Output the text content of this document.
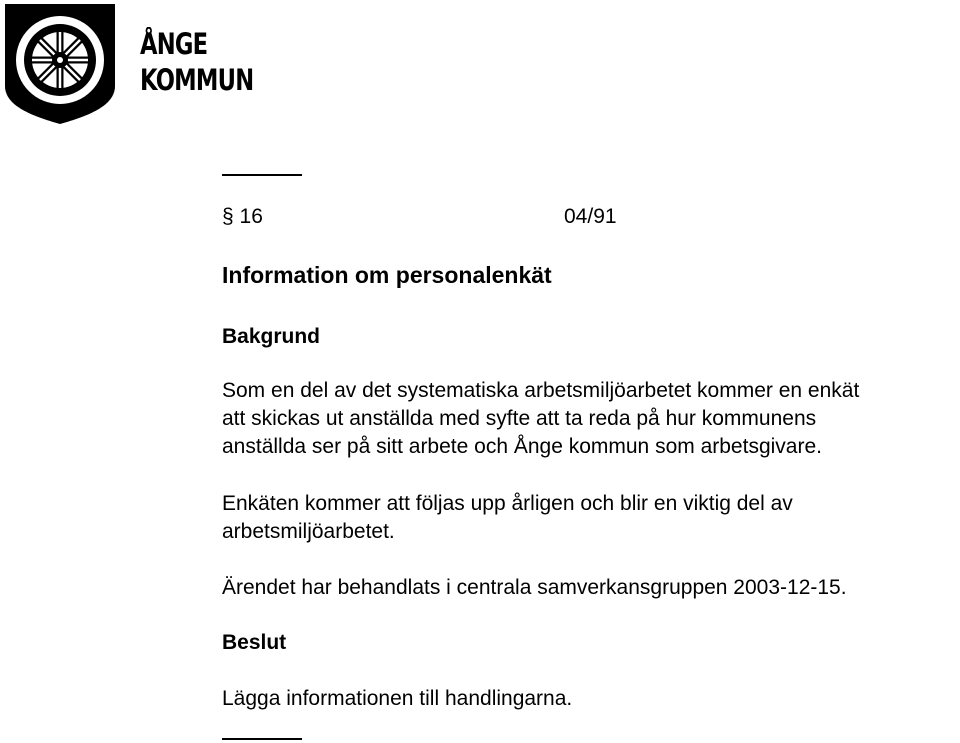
ÅNGE
KOMMUN
§ 16	04/91
Information om personalenkät
Bakgrund
Som en del av det systematiska arbetsmiljöarbetet kommer en enkät
att skickas ut anställda med syfte att ta reda på hur kommunens
anställda ser på sitt arbete och Ånge kommun som arbetsgivare.
Enkäten kommer att följas upp årligen och blir en viktig del av
arbetsmiljöarbetet.
Ärendet har behandlats i centrala samverkansgruppen 2003-12-15.
Beslut
Lägga informationen till handlingarna.
